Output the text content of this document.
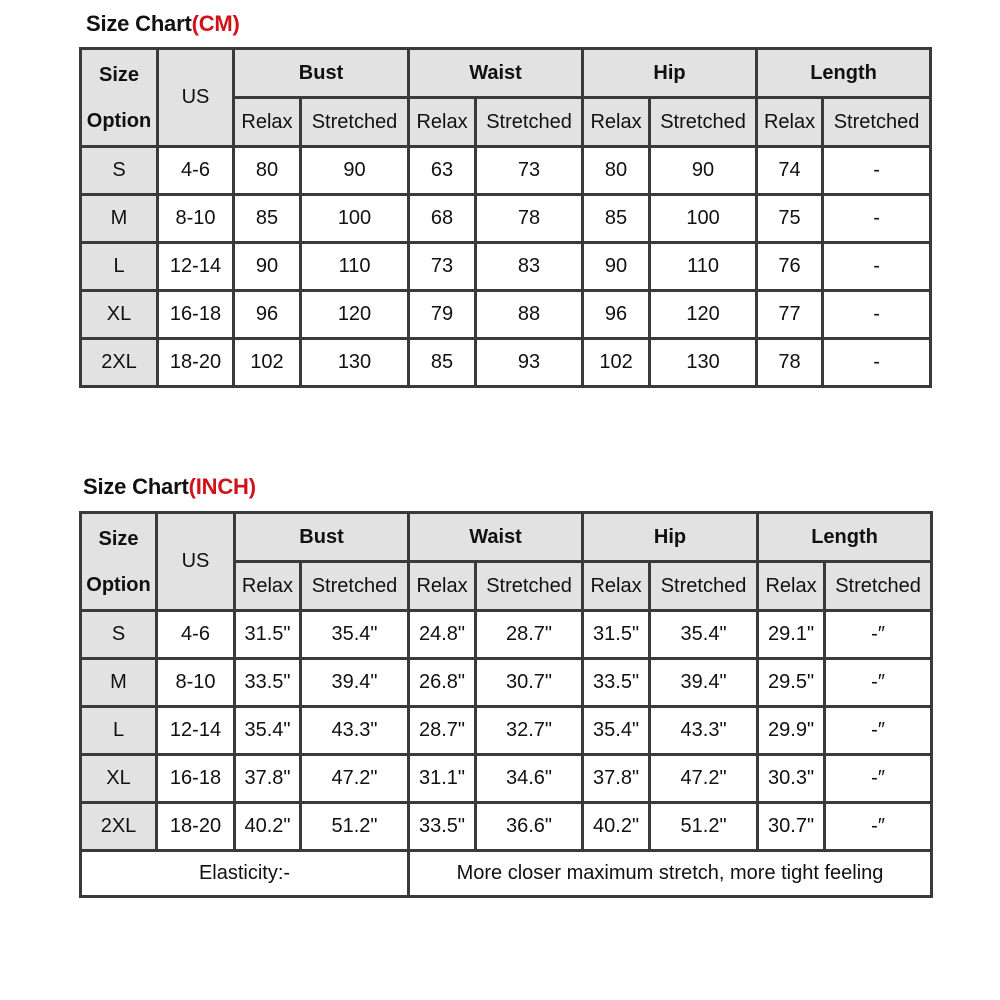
Size Chart(CM)
Size
Option	US	Bust		Waist		Hip		Length	
		Relax	Stretched	Relax	Stretched	Relax	Stretched	Relax	Stretched
S	4-6	80	90	63	73	80	90	74	-
M	8-10	85	100	68	78	85	100	75	-
L	12-14	90	110	73	83	90	110	76	-
XL	16-18	96	120	79	88	96	120	77	-
2XL	18-20	102	130	85	93	102	130	78	-
Size Chart(INCH)
Size
Option	US	Bust		Waist		Hip		Length	
		Relax	Stretched	Relax	Stretched	Relax	Stretched	Relax	Stretched
S	4-6	31.5"	35.4"	24.8"	28.7"	31.5"	35.4"	29.1"	-″
M	8-10	33.5"	39.4"	26.8"	30.7"	33.5"	39.4"	29.5"	-″
L	12-14	35.4"	43.3"	28.7"	32.7"	35.4"	43.3"	29.9"	-″
XL	16-18	37.8"	47.2"	31.1"	34.6"	37.8"	47.2"	30.3"	-″
2XL	18-20	40.2"	51.2"	33.5"	36.6"	40.2"	51.2"	30.7"	-″
Elasticity:-				More closer maximum stretch, more tight feeling					
